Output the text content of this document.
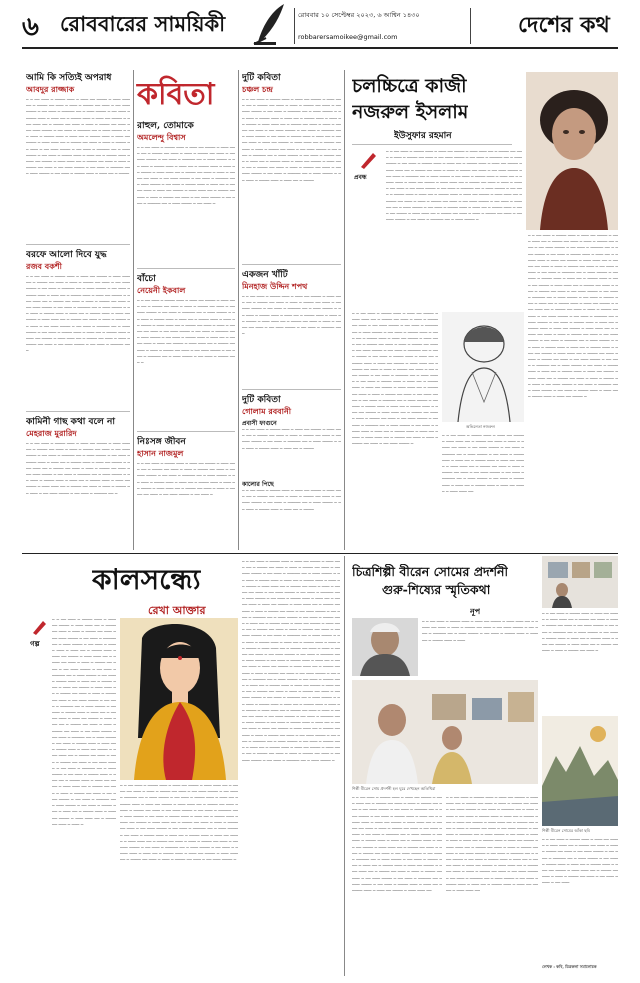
৬ রোববারের সাময়িকী	রোববার ১০ সেপ্টেম্বর ২০২৩, ৬ আশ্বিন ১৪৩০
robbarersamoikee@gmail.com	দেশের কথ
আমি কি সত্যিই অপরাধ
আবদুর রাজ্জাক
─ ─ ── ─── ─ ──── ─── ─ ─── ── ──── ─ ─── ─── ── ─ ──── ── ─── ─ ─── ─ ──── ── ─── ─ ── ─── ──── ─ ── ─── ─ ───── ── ─ ─── ──── ─ ── ─── ─ ──── ─── ─ ─── ── ─ ──── ─── ─ ─── ── ──── ─ ─── ─── ── ─ ──── ── ─── ─ ─── ─ ──── ── ─── ─ ── ─── ──── ─ ── ─── ─ ───── ── ─ ─── ──── ─ ── ─── ─ ──── ─── ─ ─── ── ─ ──── ─── ─ ─── ── ──── ─ ─── ─── ── ─ ──── ── ─── ─ ─── ─ ──── ── ─── ─ ── ─── ──── ─ ── ─── ─ ───── ── ─ ─── ──── ─ ── ─── ─ ──── ─── ─ ─── ── ─ ──── ─── ─ ─── ── ──── ─ ─── ─── ── ─ ──── ── ─── ─ ─── ─ ──── ── ─── ─ ── ─── ──── ─ ── ─── ─ ───── ── ─ ─── ──── ─ ── ─── ─ ──── ─── ─ ─── ── ─ ────
বরফে আলো দিবে যুদ্ধ
রজব বকশী
─ ─ ── ─── ─ ──── ─── ─ ─── ── ──── ─ ─── ─── ── ─ ──── ── ─── ─ ─── ─ ──── ── ─── ─ ── ─── ──── ─ ── ─── ─ ───── ── ─ ─── ──── ─ ── ─── ─ ──── ─── ─ ─── ── ─ ──── ─── ─ ─── ── ──── ─ ─── ─── ── ─ ──── ── ─── ─ ─── ─ ──── ── ─── ─ ── ─── ──── ─ ── ─── ─ ───── ── ─ ─── ──── ─ ── ─── ─ ──── ─── ─ ─── ── ─ ──── ─── ─ ─── ── ──── ─ ─── ─── ── ─ ──── ── ─── ─ ─── ─ ──── ── ─── ─ ── ─── ──── ─ ── ─── ─ ───── ── ─ ─── ──── ─ ── ─── ─ ──── ─── ─ ─── ── ─ ──── ─── ─ ─── ── ──── ─ ─── ─── ── ─ ──── ── ─── ─ ─── ─ ──── ── ─── ─ ── ─── ──── ─ ── ─── ─ ───── ── ─
কামিনী গাছ কথা বলে না
মেহরাজ মুরারিদ
─ ─ ── ─── ─ ──── ─── ─ ─── ── ──── ─ ─── ─── ── ─ ──── ── ─── ─ ─── ─ ──── ── ─── ─ ── ─── ──── ─ ── ─── ─ ───── ── ─ ─── ──── ─ ── ─── ─ ──── ─── ─ ─── ── ─ ──── ─── ─ ─── ── ──── ─ ─── ─── ── ─ ──── ── ─── ─ ─── ─ ──── ── ─── ─ ── ─── ──── ─ ── ─── ─ ───── ── ─ ─── ──── ─ ── ─── ─ ──── ─── ─ ─── ── ─ ──── ─── ─ ─── ── ──── ─ ─── ─── ── ─ ──── ── ─── ─ ─── ─ ──── ── ─── ─ ── ─── ──── ─ ── ─── ─ ───── ── ─
কবিতা
রাহুল, তোমাকে
অমলেন্দু বিশ্বাস
─ ─ ── ─── ─ ──── ─── ─ ─── ── ──── ─ ─── ─── ── ─ ──── ── ─── ─ ─── ─ ──── ── ─── ─ ── ─── ──── ─ ── ─── ─ ───── ── ─ ─── ──── ─ ── ─── ─ ──── ─── ─ ─── ── ─ ──── ─── ─ ─── ── ──── ─ ─── ─── ── ─ ──── ── ─── ─ ─── ─ ──── ── ─── ─ ── ─── ──── ─ ── ─── ─ ───── ── ─ ─── ──── ─ ── ─── ─ ──── ─── ─ ─── ── ─ ──── ─── ─ ─── ── ──── ─ ─── ─── ── ─ ──── ── ─── ─ ─── ─ ──── ── ─── ─ ── ─── ──── ─ ── ─── ─ ───── ── ─ ─── ──── ─ ── ─── ─
বাঁচো
নেয়েনী ইকবাল
─ ─ ── ─── ─ ──── ─── ─ ─── ── ──── ─ ─── ─── ── ─ ──── ── ─── ─ ─── ─ ──── ── ─── ─ ── ─── ──── ─ ── ─── ─ ───── ── ─ ─── ──── ─ ── ─── ─ ──── ─── ─ ─── ── ─ ──── ─── ─ ─── ── ──── ─ ─── ─── ── ─ ──── ── ─── ─ ─── ─ ──── ── ─── ─ ── ─── ──── ─ ── ─── ─ ───── ── ─ ─── ──── ─ ── ─── ─ ──── ─── ─ ─── ── ─ ──── ─── ─ ─── ── ──── ─ ─── ─── ── ─ ──── ── ─── ─ ─── ─ ──── ── ─── ─ ── ─── ──── ─ ── ─── ─ ───── ── ─ ─── ──── ─ ── ─── ─ ──── ─── ─
নিঃসঙ্গ জীবন
হাসান নাজমুল
─ ─ ── ─── ─ ──── ─── ─ ─── ── ──── ─ ─── ─── ── ─ ──── ── ─── ─ ─── ─ ──── ── ─── ─ ── ─── ──── ─ ── ─── ─ ───── ── ─ ─── ──── ─ ── ─── ─ ──── ─── ─ ─── ── ─ ──── ─── ─ ─── ── ──── ─ ─── ─── ── ─ ──── ── ─── ─ ─── ─ ──── ── ─── ─ ── ─── ──── ─ ── ─── ─
দুটি কবিতা
চঞ্চল চন্দ্র
─ ─ ── ─── ─ ──── ─── ─ ─── ── ──── ─ ─── ─── ── ─ ──── ── ─── ─ ─── ─ ──── ── ─── ─ ── ─── ──── ─ ── ─── ─ ───── ── ─ ─── ──── ─ ── ─── ─ ──── ─── ─ ─── ── ─ ──── ─── ─ ─── ── ──── ─ ─── ─── ── ─ ──── ── ─── ─ ─── ─ ──── ── ─── ─ ── ─── ──── ─ ── ─── ─ ───── ── ─ ─── ──── ─ ── ─── ─ ──── ─── ─ ─── ── ─ ──── ─── ─ ─── ── ──── ─ ─── ─── ── ─ ──── ── ─── ─ ─── ─ ──── ── ─── ─ ── ─── ──── ─ ── ─── ─ ───── ── ─ ─── ──── ─ ── ─── ─ ──── ─── ─ ─── ── ─ ──── ─── ─ ─── ── ──── ─ ─── ─── ── ─ ──── ── ─── ─ ─── ─ ──── ── ─── ─ ── ─── ──── ─ ── ─── ─ ───── ── ─ ─── ──── ─ ── ─── ─ ──── ─── ─ ─── ── ─ ────
একজন খাঁটি
মিনহাজ উদ্দিন শপথ
─ ─ ── ─── ─ ──── ─── ─ ─── ── ──── ─ ─── ─── ── ─ ──── ── ─── ─ ─── ─ ──── ── ─── ─ ── ─── ──── ─ ── ─── ─ ───── ── ─ ─── ──── ─ ── ─── ─ ──── ─── ─ ─── ── ─ ──── ─── ─ ─── ── ──── ─ ─── ─── ── ─ ──── ── ─── ─ ─── ─ ──── ── ─── ─ ── ─── ──── ─ ── ─── ─ ───── ── ─
দুটি কবিতা
গোলাম রববানী
প্রবাসী ফাগুনে
─ ─ ── ─── ─ ──── ─── ─ ─── ── ──── ─ ─── ─── ── ─ ──── ── ─── ─ ─── ─ ──── ── ─── ─ ── ─── ──── ─ ── ─── ─ ───── ── ─ ─── ──── ─ ── ─── ─ ──── ─── ─ ─── ── ─ ────
কালোর পিছে
─ ─ ── ─── ─ ──── ─── ─ ─── ── ──── ─ ─── ─── ── ─ ──── ── ─── ─ ─── ─ ──── ── ─── ─ ── ─── ──── ─ ── ─── ─ ───── ── ─ ─── ──── ─ ── ─── ─ ──── ─── ─ ─── ── ─ ────
চলচ্চিত্রে কাজী
নজরুল ইসলাম
ইউসুফার রহমান
প্রবন্ধ
─ ─ ── ─── ─ ──── ─── ─ ─── ── ──── ─ ─── ─── ── ─ ──── ── ─── ─ ─── ─ ──── ── ─── ─ ── ─── ──── ─ ── ─── ─ ───── ── ─ ─── ──── ─ ── ─── ─ ──── ─── ─ ─── ── ─ ──── ─── ─ ─── ── ──── ─ ─── ─── ── ─ ──── ── ─── ─ ─── ─ ──── ── ─── ─ ── ─── ──── ─ ── ─── ─ ───── ── ─ ─── ──── ─ ── ─── ─ ──── ─── ─ ─── ── ─ ──── ─── ─ ─── ── ──── ─ ─── ─── ── ─ ──── ── ─── ─ ─── ─ ──── ── ─── ─ ── ─── ──── ─ ── ─── ─ ───── ── ─ ─── ──── ─ ── ─── ─ ──── ─── ─ ─── ── ─ ──── ─── ─ ─── ── ──── ─ ─── ─── ── ─ ──── ── ─── ─ ─── ─ ──── ── ─── ─ ── ─── ──── ─ ── ─── ─ ───── ── ─ ─── ──── ─ ── ─── ─ ──── ─── ─ ─── ── ─ ──── ─── ─ ─── ── ──── ─ ─── ─── ── ─ ──── ── ─── ─ ─── ─ ──── ── ─── ─ ── ─── ──── ─ ── ─── ─ ───── ── ─ ─── ──── ─
─ ─ ── ─── ─ ──── ─── ─ ─── ── ──── ─ ─── ─── ── ─ ──── ── ─── ─ ─── ─ ──── ── ─── ─ ── ─── ──── ─ ── ─── ─ ───── ── ─ ─── ──── ─ ── ─── ─ ──── ─── ─ ─── ── ─ ──── ─── ─ ─── ── ──── ─ ─── ─── ── ─ ──── ── ─── ─ ─── ─ ──── ── ─── ─ ── ─── ──── ─ ── ─── ─ ───── ── ─ ─── ──── ─ ── ─── ─ ──── ─── ─ ─── ── ─ ──── ─── ─ ─── ── ──── ─ ─── ─── ── ─ ──── ── ─── ─ ─── ─ ──── ── ─── ─ ── ─── ──── ─ ── ─── ─ ───── ── ─ ─── ──── ─ ── ─── ─ ──── ─── ─ ─── ── ─ ──── ─── ─ ─── ── ──── ─ ─── ─── ── ─ ──── ── ─── ─ ─── ─ ──── ── ─── ─ ── ─── ──── ─ ── ─── ─ ───── ── ─ ─── ──── ─ ── ─── ─ ──── ─── ─ ─── ── ─ ──── ─── ─ ─── ── ──── ─ ─── ─── ── ─ ──── ── ─── ─ ─── ─ ──── ── ─── ─ ── ─── ──── ─ ── ─── ─ ───── ── ─ ─── ──── ─ ── ─── ─ ──── ─── ─ ─── ── ─ ──── ─── ─ ─── ── ──── ─ ─── ─── ── ─ ──── ── ─── ─ ─── ─ ──── ── ─── ─ ── ─── ──── ─
অভিনেতা নজরুল
─ ─ ── ─── ─ ──── ─── ─ ─── ── ──── ─ ─── ─── ── ─ ──── ── ─── ─ ─── ─ ──── ── ─── ─ ── ─── ──── ─ ── ─── ─ ───── ── ─ ─── ──── ─ ── ─── ─ ──── ─── ─ ─── ── ─ ──── ─── ─ ─── ── ──── ─ ─── ─── ── ─ ──── ── ─── ─ ─── ─ ──── ── ─── ─ ── ─── ──── ─ ── ─── ─ ───── ── ─ ─── ──── ─ ── ─── ─ ──── ─── ─ ─── ── ─ ──── ─── ─ ─── ── ──── ─ ─── ─── ──
─ ─ ── ─── ─ ──── ─── ─ ─── ── ──── ─ ─── ─── ── ─ ──── ── ─── ─ ─── ─ ──── ── ─── ─ ── ─── ──── ─ ── ─── ─ ───── ── ─ ─── ──── ─ ── ─── ─ ──── ─── ─ ─── ── ─ ──── ─── ─ ─── ── ──── ─ ─── ─── ── ─ ──── ── ─── ─ ─── ─ ──── ── ─── ─ ── ─── ──── ─ ── ─── ─ ───── ── ─ ─── ──── ─ ── ─── ─ ──── ─── ─ ─── ── ─ ──── ─── ─ ─── ── ──── ─ ─── ─── ── ─ ──── ── ─── ─ ─── ─ ──── ── ─── ─ ── ─── ──── ─ ── ─── ─ ───── ── ─ ─── ──── ─ ── ─── ─ ──── ─── ─ ─── ── ─ ──── ─── ─ ─── ── ──── ─ ─── ─── ── ─ ──── ── ─── ─ ─── ─ ──── ── ─── ─ ── ─── ──── ─ ── ─── ─ ───── ── ─ ─── ──── ─ ── ─── ─ ──── ─── ─ ─── ── ─ ──── ─── ─ ─── ── ──── ─ ─── ─── ── ─ ──── ── ─── ─ ─── ─ ──── ── ─── ─ ── ─── ──── ─ ── ─── ─ ───── ── ─ ─── ──── ─ ── ─── ─ ──── ─── ─ ─── ── ─ ──── ─── ─ ─── ── ──── ─ ─── ─── ── ─ ──── ── ─── ─ ─── ─ ──── ── ─── ─ ── ─── ──── ─ ── ─── ─ ───── ── ─ ─── ──── ─ ── ─── ─ ──── ─── ─ ─── ── ─ ──── ─── ─ ─── ── ──── ─ ─── ─── ── ─ ──── ── ─── ─ ─── ─ ──── ── ─── ─ ── ─── ──── ─ ── ─── ─ ───── ── ─ ─── ──── ─ ── ─── ─ ──── ─── ─ ─── ── ─ ──── ─── ─ ─── ── ──── ─
কালসন্ধ্যে
রেখা আক্তার
গল্প
─ ─ ── ─── ─ ──── ─── ─ ─── ── ──── ─ ─── ─── ── ─ ──── ── ─── ─ ─── ─ ──── ── ─── ─ ── ─── ──── ─ ── ─── ─ ───── ── ─ ─── ──── ─ ── ─── ─ ──── ─── ─ ─── ── ─ ──── ─── ─ ─── ── ──── ─ ─── ─── ── ─ ──── ── ─── ─ ─── ─ ──── ── ─── ─ ── ─── ──── ─ ── ─── ─ ───── ── ─ ─── ──── ─ ── ─── ─ ──── ─── ─ ─── ── ─ ──── ─── ─ ─── ── ──── ─ ─── ─── ── ─ ──── ── ─── ─ ─── ─ ──── ── ─── ─ ── ─── ──── ─ ── ─── ─ ───── ── ─ ─── ──── ─ ── ─── ─ ──── ─── ─ ─── ── ─ ──── ─── ─ ─── ── ──── ─ ─── ─── ── ─ ──── ── ─── ─ ─── ─ ──── ── ─── ─ ── ─── ──── ─ ── ─── ─ ───── ── ─ ─── ──── ─ ── ─── ─ ──── ─── ─ ─── ── ─ ──── ─── ─ ─── ── ──── ─ ─── ─── ── ─ ──── ── ─── ─ ─── ─ ──── ── ─── ─ ── ─── ──── ─ ── ─── ─ ───── ── ─ ─── ──── ─ ── ─── ─ ──── ─── ─ ─── ── ─ ──── ─── ─ ─── ── ──── ─ ─── ─── ── ─ ──── ── ─── ─ ─── ─ ──── ── ─── ─ ── ─── ──── ─ ── ─── ─ ───── ── ─ ─── ──── ─ ── ─── ─ ──── ─── ─ ─── ── ─ ──── ─── ─ ─── ── ──── ─ ─── ─── ── ─ ──── ── ─── ─ ─── ─
─ ─ ── ─── ─ ──── ─── ─ ─── ── ──── ─ ─── ─── ── ─ ──── ── ─── ─ ─── ─ ──── ── ─── ─ ── ─── ──── ─ ── ─── ─ ───── ── ─ ─── ──── ─ ── ─── ─ ──── ─── ─ ─── ── ─ ──── ─── ─ ─── ── ──── ─ ─── ─── ── ─ ──── ── ─── ─ ─── ─ ──── ── ─── ─ ── ─── ──── ─ ── ─── ─ ───── ── ─ ─── ──── ─ ── ─── ─ ──── ─── ─ ─── ── ─ ──── ─── ─ ─── ── ──── ─ ─── ─── ── ─ ──── ── ─── ─ ─── ─ ──── ── ─── ─ ── ─── ──── ─ ── ─── ─ ───── ── ─ ─── ──── ─ ── ─── ─ ──── ─── ─ ─── ── ─ ──── ─── ─ ─── ── ──── ─ ─── ─── ── ─ ──── ── ─── ─ ─── ─ ──── ── ─── ─ ── ─── ──── ─ ── ─── ─ ───── ── ─ ─── ──── ─ ── ─── ─ ──── ─── ─ ─── ── ─ ──── ─── ─ ─── ── ──── ─ ─── ─── ── ─ ──── ── ─── ─ ─── ─ ──── ── ─── ─ ── ─── ──── ─
─ ─ ── ─── ─ ──── ─── ─ ─── ── ──── ─ ─── ─── ── ─ ──── ── ─── ─ ─── ─ ──── ── ─── ─ ── ─── ──── ─ ── ─── ─ ───── ── ─ ─── ──── ─ ── ─── ─ ──── ─── ─ ─── ── ─ ──── ─── ─ ─── ── ──── ─ ─── ─── ── ─ ──── ── ─── ─ ─── ─ ──── ── ─── ─ ── ─── ──── ─ ── ─── ─ ───── ── ─ ─── ──── ─ ── ─── ─ ──── ─── ─ ─── ── ─ ──── ─── ─ ─── ── ──── ─ ─── ─── ── ─ ──── ── ─── ─ ─── ─ ──── ── ─── ─ ── ─── ──── ─ ── ─── ─ ───── ── ─ ─── ──── ─ ── ─── ─ ──── ─── ─ ─── ── ─ ──── ─── ─ ─── ── ──── ─ ─── ─── ── ─ ──── ── ─── ─ ─── ─ ──── ── ─── ─ ── ─── ──── ─ ── ─── ─ ───── ── ─ ─── ──── ─ ── ─── ─ ──── ─── ─ ─── ── ─ ──── ─── ─ ─── ── ──── ─ ─── ─── ── ─ ──── ── ─── ─ ─── ─ ──── ── ─── ─ ── ─── ──── ─ ── ─── ─ ───── ── ─ ─── ──── ─ ── ─── ─ ──── ─── ─ ─── ── ─ ──── ─── ─ ─── ── ──── ─ ─── ─── ── ─ ──── ── ─── ─ ─── ─ ──── ── ─── ─ ── ─── ──── ─ ── ─── ─ ───── ── ─ ─── ──── ─ ── ─── ─ ──── ─── ─ ─── ── ─ ──── ─── ─ ─── ── ──── ─ ─── ─── ── ─ ──── ── ─── ─ ─── ─ ──── ── ─── ─ ── ─── ──── ─ ── ─── ─ ───── ── ─ ─── ──── ─ ── ─── ─ ──── ─── ─ ─── ── ─ ──── ─── ─ ─── ── ──── ─ ─── ─── ── ─ ──── ── ─── ─ ─── ─ ──── ── ─── ─ ── ─── ──── ─ ── ─── ─ ───── ── ─ ─── ──── ─ ── ─── ─ ──── ─── ─ ─── ── ─ ──── ─── ─ ─── ── ──── ─ ─── ─── ── ─ ──── ── ─── ─ ─── ─ ──── ── ─── ─ ── ─── ──── ─ ── ─── ─ ───── ── ─ ─── ──── ─ ── ─── ─ ──── ─── ─ ─── ── ─ ──── ─── ─ ─── ── ──── ─ ─── ─── ── ─ ──── ── ─── ─ ─── ─ ──── ── ─── ─ ── ─── ──── ─ ── ─── ─ ───── ── ─ ─── ──── ─
চিত্রশিল্পী বীরেন সোমের প্রদর্শনী
গুরু-শিষ্যের স্মৃতিকথা
নূপ
─ ─ ── ─── ─ ──── ─── ─ ─── ── ──── ─ ─── ─── ── ─ ──── ── ─── ─ ─── ─ ──── ── ─── ─ ── ─── ──── ─ ── ─── ─ ───── ── ─ ─── ──── ─ ── ─── ─ ──── ─── ─ ─── ── ─ ──── ─── ─ ───
শিল্পী বীরেন সোম প্রদর্শনী হল ঘুরে দেখছেন অতিথিরা
─ ─ ── ─── ─ ──── ─── ─ ─── ── ──── ─ ─── ─── ── ─ ──── ── ─── ─ ─── ─ ──── ── ─── ─ ── ─── ──── ─ ── ─── ─ ───── ── ─ ─── ──── ─ ── ─── ─ ──── ─── ─ ─── ── ─ ──── ─── ─ ─── ── ──── ─ ─── ─── ── ─ ──── ── ─── ─ ─── ─ ──── ── ─── ─ ── ─── ──── ─ ── ─── ─ ───── ── ─ ─── ──── ─ ── ─── ─ ──── ─── ─ ─── ── ─ ──── ─── ─ ─── ── ──── ─ ─── ─── ── ─ ──── ── ─── ─ ─── ─ ──── ── ─── ─ ── ─── ──── ─ ── ─── ─ ───── ── ─ ─── ──── ─ ── ─── ─ ──── ─── ─ ─── ── ─ ──── ─── ─ ─── ── ──── ─ ─── ─── ── ─ ──── ── ─── ─ ─── ─ ──── ── ─── ─ ── ─── ──── ─ ── ─── ─ ───── ── ─ ─── ──── ─ ── ─── ─ ──── ─── ─ ─── ── ─ ──── ─── ─ ─── ── ──── ─ ─── ─── ──
─ ─ ── ─── ─ ──── ─── ─ ─── ── ──── ─ ─── ─── ── ─ ──── ── ─── ─ ─── ─ ──── ── ─── ─ ── ─── ──── ─ ── ─── ─ ───── ── ─ ─── ──── ─ ── ─── ─ ──── ─── ─ ─── ── ─ ──── ─── ─ ─── ── ──── ─ ─── ─── ── ─ ──── ── ─── ─ ─── ─ ──── ── ─── ─ ── ─── ──── ─ ── ─── ─ ───── ── ─ ─── ──── ─ ── ─── ─ ──── ─── ─ ─── ── ─ ──── ─── ─ ─── ── ──── ─ ─── ─── ── ─ ──── ── ─── ─ ─── ─ ──── ── ─── ─ ── ─── ──── ─ ── ─── ─ ───── ── ─ ─── ──── ─ ── ─── ─ ──── ─── ─ ─── ── ─ ──── ─── ─ ─── ── ──── ─ ─── ─── ── ─ ──── ── ─── ─ ─── ─ ──── ── ─── ─ ── ─── ──── ─ ── ─── ─ ───── ── ─ ─── ──── ─ ── ─── ─ ──── ─── ─ ─── ── ─ ──── ─── ─ ─── ── ──── ─ ─── ─── ──
─ ─ ── ─── ─ ──── ─── ─ ─── ── ──── ─ ─── ─── ── ─ ──── ── ─── ─ ─── ─ ──── ── ─── ─ ── ─── ──── ─ ── ─── ─ ───── ── ─ ─── ──── ─ ── ─── ─ ──── ─── ─ ─── ── ─ ──── ─── ─ ─── ── ──── ─ ─── ─── ── ─ ──── ── ─── ─ ─── ─ ──── ── ─── ─
শিল্পী বীরেন সোমের আঁকা ছবি
─ ─ ── ─── ─ ──── ─── ─ ─── ── ──── ─ ─── ─── ── ─ ──── ── ─── ─ ─── ─ ──── ── ─── ─ ── ─── ──── ─ ── ─── ─ ───── ── ─ ─── ──── ─ ── ─── ─ ──── ─── ─ ─── ── ─ ──── ─── ─ ─── ── ──── ─ ─── ─── ── ─ ──── ── ─── ─ ─── ─ ──── ── ─── ─ ── ─── ──── ─ ── ───
লেখক : কবি, চিত্রকলা সমালোচক
